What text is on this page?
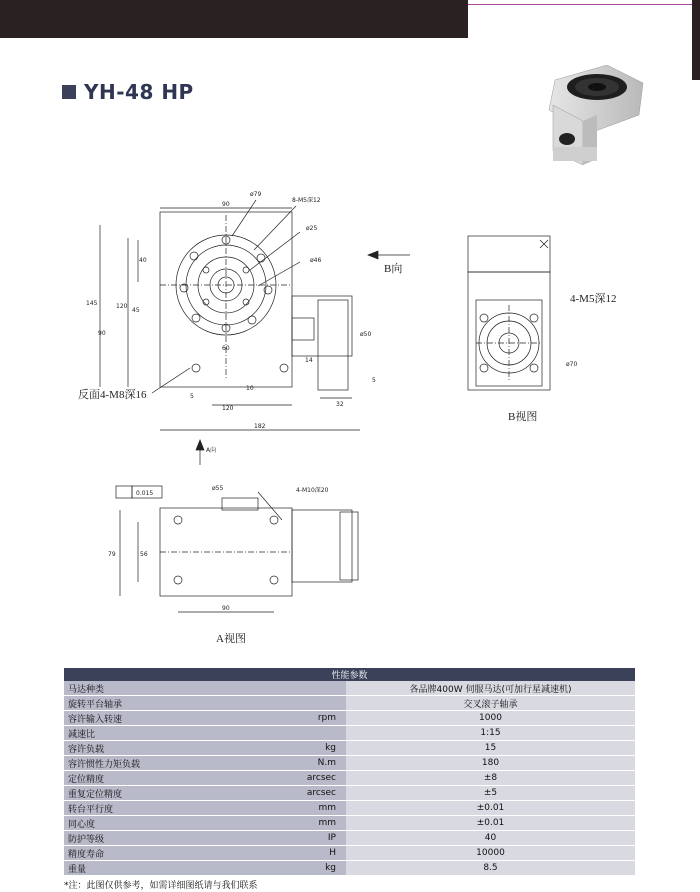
YH-48 HP
ø79
8-M5深12
ø25
ø46
ø50
90
145	120
90
40
45
60
10
5
120
14
32
5
182
反面4-M8深16
B向
A向
4-M5深12
ø70
B视图
0.015
ø55	4-M10深20
79	56
90
A视图
性能参数		
马达种类		各品牌400W 伺服马达(可加行星减速机)
旋转平台轴承		交叉滚子轴承
容许输入转速	rpm	1000
减速比		1:15
容许负载	kg	15
容许惯性力矩负载	N.m	180
定位精度	arcsec	±8
重复定位精度	arcsec	±5
转台平行度	mm	±0.01
同心度	mm	±0.01
防护等级	IP	40
精度寿命	H	10000
重量	kg	8.5
*注：此图仅供参考，如需详细图纸请与我们联系
